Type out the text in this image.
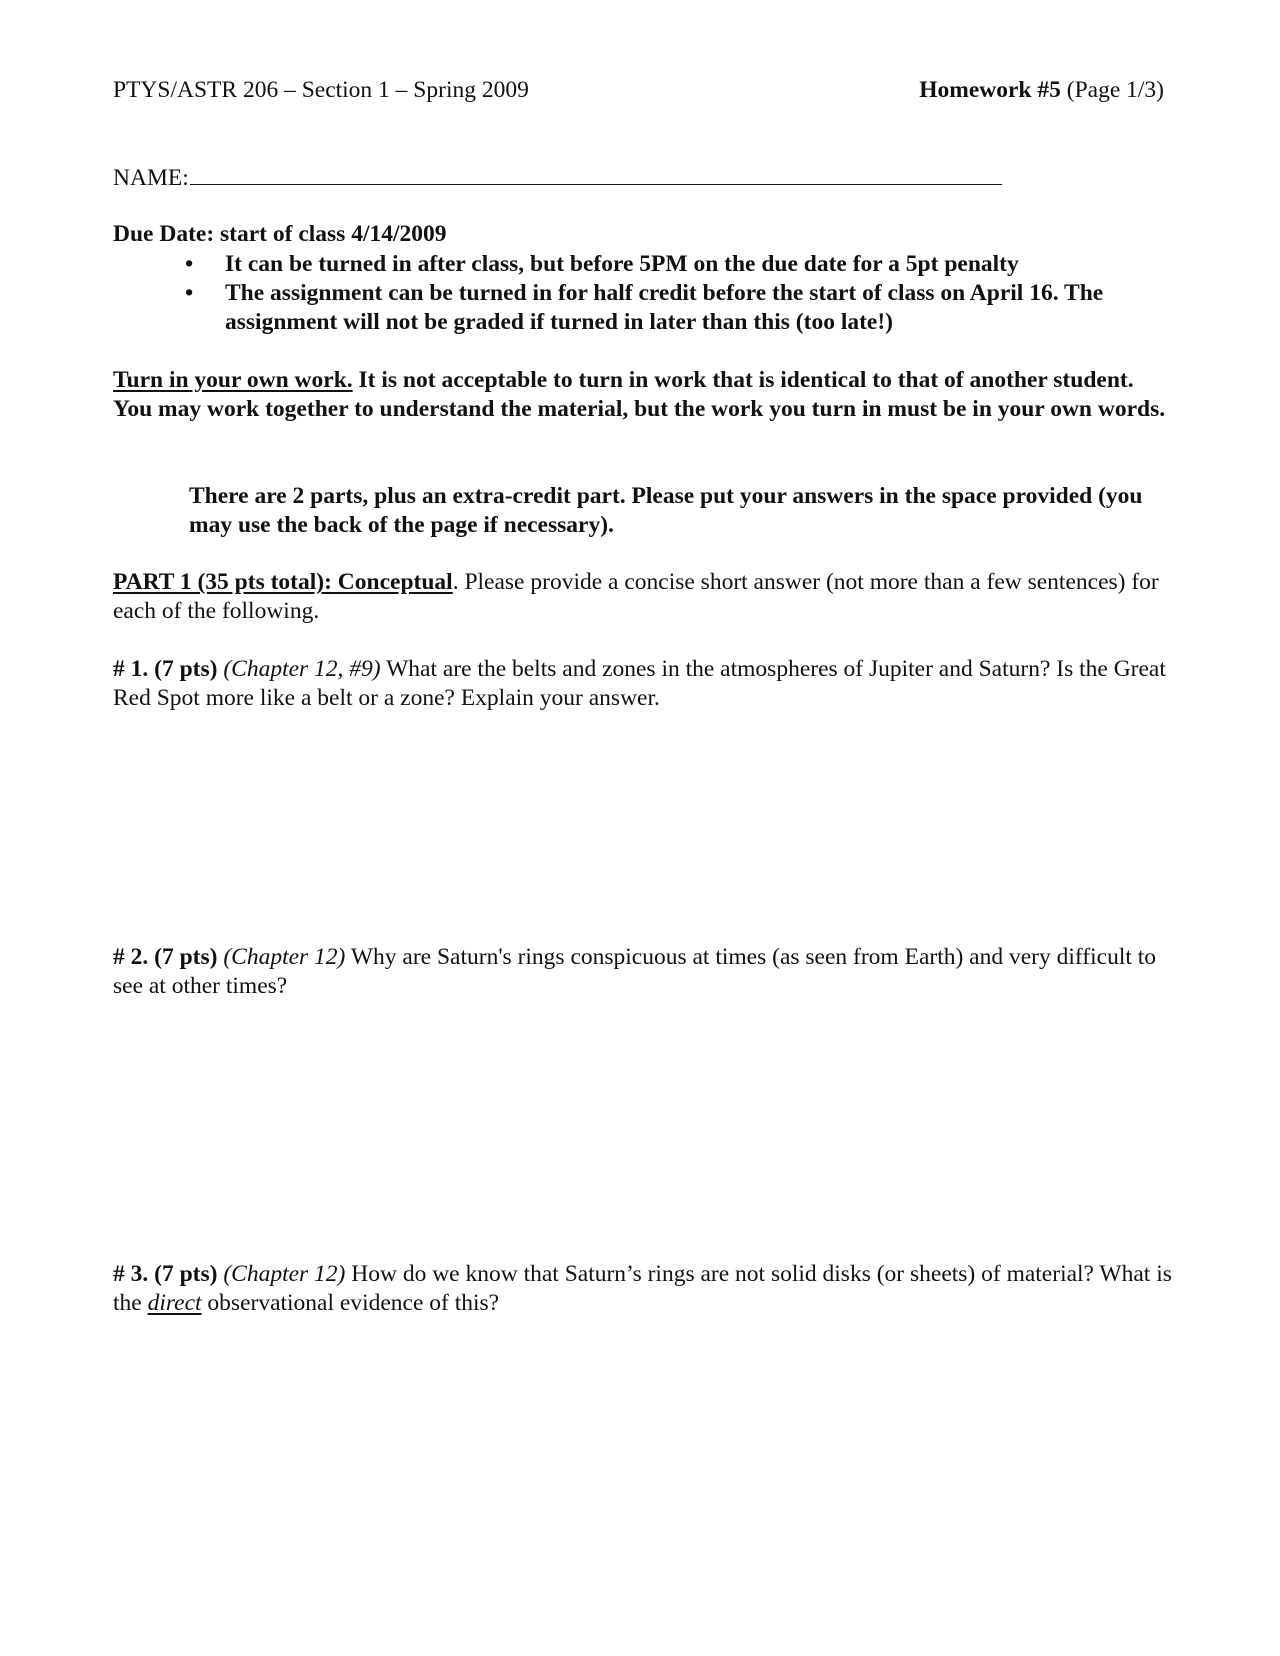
PTYS/ASTR 206 – Section 1 – Spring 2009	Homework #5 (Page 1/3)
NAME:
Due Date: start of class 4/14/2009
• It can be turned in after class, but before 5PM on the due date for a 5pt penalty
• The assignment can be turned in for half credit before the start of class on April 16. The assignment will not be graded if turned in later than this (too late!)
Turn in your own work. It is not acceptable to turn in work that is identical to that of another student. You may work together to understand the material, but the work you turn in must be in your own words.
There are 2 parts, plus an extra-credit part. Please put your answers in the space provided (you may use the back of the page if necessary).
PART 1 (35 pts total): Conceptual. Please provide a concise short answer (not more than a few sentences) for each of the following.
# 1. (7 pts) (Chapter 12, #9) What are the belts and zones in the atmospheres of Jupiter and Saturn? Is the Great Red Spot more like a belt or a zone? Explain your answer.
# 2. (7 pts) (Chapter 12) Why are Saturn's rings conspicuous at times (as seen from Earth) and very difficult to see at other times?
# 3. (7 pts) (Chapter 12) How do we know that Saturn’s rings are not solid disks (or sheets) of material? What is the direct observational evidence of this?
